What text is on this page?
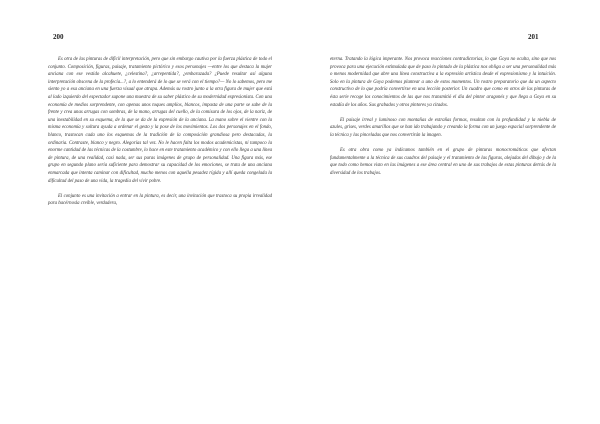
200	201

Es otra de las pinturas de difícil interpretación, pero que sin embargo cautiva por la fuerza plástica de todo el conjunto. Composición, figuras, paisaje, tratamiento pictórico y esos personajes —entre los que destaca la mujer anciana con ese vestido alcahuete, ¿celestina?, ¿arrepentida?, ¿embarazada? ¿Puede resultar así alguna interpretación obscena de la profecía...?, a lo entenderá de lo que se verá con el tiempo?— No lo sabemos, pero me siento yo a esa anciana en una fuerza visual que atrapa. Además su rostro junto a la otra figura de mujer que está al lado izquierdo del espectador supone una muestra de su saber plástico de su modernidad expresionista. Con una economía de medios sorprendente, con apenas unos toques amplios, blancos, impasta de una parte se sabe de la frente y crea unas arrugas con sombras, de la mano, arrugas del cuello, de la comisura de los ojos, de la nariz, de una inestabilidad en su esquema, de la que se da de la expresión de la anciana. La mano sobre el vientre con la misma economía y soltura ayuda a ordenar el gesto y la pose de los movimientos. Los dos personajes en el fondo, blanco, trastocan cada uno los esquemas de la tradición de la composición grandiosa pero destacadas, la ordinaria. Contraste, blanco y negro. Alegorías tal vez. No le hacen falta los modos academicistas, ni tampoco la enorme cantidad de las técnicas de la costumbre, lo hace en este tratamiento académico y con ello llega a una línea de pintura, de una realidad, casi nada, ser sus puras imágenes de grupo de personalidad. Una figura más, ese grupo en segundo plano sería suficiente para demostrar su capacidad de los emociones, se trata de una anciana enmarcada que intenta caminar con dificultad, mucho menos con aquella pesadez rígida y allí queda congelada la dificultad del paso de una vida, la tragedia del vivir pobre.

El conjunto es una invitación a entrar en la pintura, es decir, una invitación que trastoca su propia irrealidad para hacérnosla creíble, verdadera,

eterna. Tratando la lógica imperante. Nos provoca reacciones contradictorias, lo que Goya no oculta, sino que nos provoca para una ejecución estimulada que de paso lo pintado de la plástica nos obliga a ser una personalidad más o menos modernidad que abre una línea constructiva a la expresión artística desde el expresionismo y la intuición. Solo en la pintura de Goya podemos plantear a uno de estos momentos. Un rostro preparatorio que da un aspecto constructivo de lo que podría convertirse en una lección posterior. Un cuadro que como en otros de las pinturas de ésta serie recoge los conocimientos de las que nos transmitió el día del pintor aragonés y que llega a Goya en su estadía de los años. Sus grabados y otros pintores ya citados.

El paisaje irreal y luminoso con montañas de extrañas formas, resultan con la profundidad y la niebla de azules, grises, verdes amarillos que se han ido trabajando y creando la forma con un juego espacial sorprendente de la técnica y las pinceladas que nos convertirán la imagen.

Es otra obra como ya indicamos también en el grupo de pinturas monocromáticas que afectan fundamentalmente a la técnica de sus cuadros del paisaje y el tratamiento de las figuras, alejadas del dibujo y de la que todo como hemos visto en las imágenes a ese área central en uno de sus trabajos de estas pinturas detrás de la diversidad de los trabajos.
